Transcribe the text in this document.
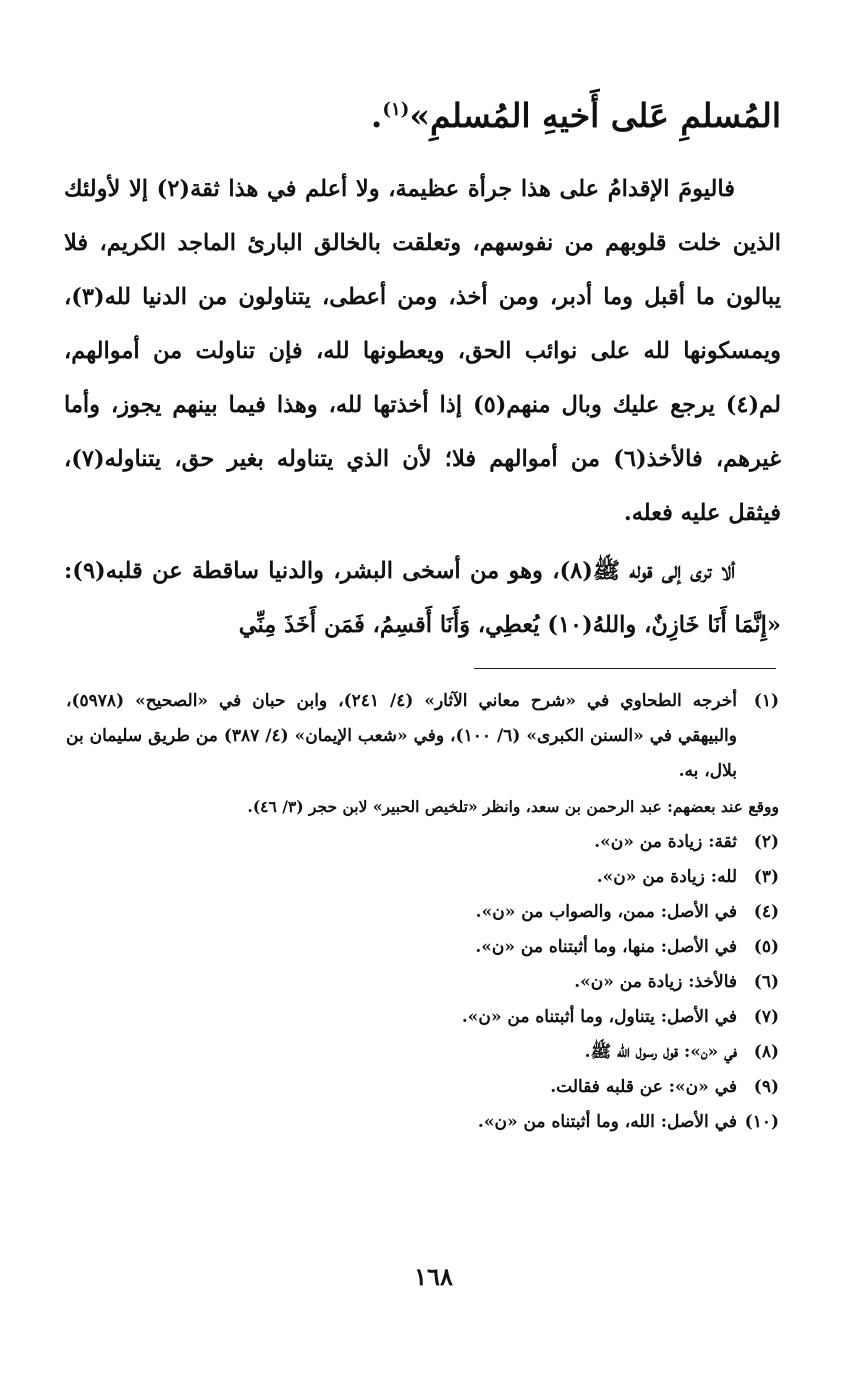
المُسلمِ عَلى أَخيهِ المُسلمِ»$^{(١)}$.

فاليومَ الإقدامُ على هذا جرأة عظيمة، ولا أعلم في هذا ثقة(٢) إلا لأولئك الذين خلت قلوبهم من نفوسهم، وتعلقت بالخالق البارئ الماجد الكريم، فلا يبالون ما أقبل وما أدبر، ومن أخذ، ومن أعطى، يتناولون من الدنيا لله(٣)، ويمسكونها لله على نوائب الحق، ويعطونها لله، فإن تناولت من أموالهم، لم(٤) يرجع عليك وبال منهم(٥) إذا أخذتها لله، وهذا فيما بينهم يجوز، وأما غيرهم، فالأخذ(٦) من أموالهم فلا؛ لأن الذي يتناوله بغير حق، يتناوله(٧)، فيثقل عليه فعله.

ألا ترى إلى قوله ﷺ(٨)، وهو من أسخى البشر، والدنيا ساقطة عن قلبه(٩): «إِنَّمَا أَنَا خَازِنٌ، واللهُ(١٠) يُعطِي، وَأَنَا أَقسِمُ، فَمَن أَخَذَ مِنِّي

(١)
أخرجه الطحاوي في «شرح معاني الآثار» (٤/ ٢٤١)، وابن حبان في «الصحيح» (٥٩٧٨)، والبيهقي في «السنن الكبرى» (٦/ ١٠٠)، وفي «شعب الإيمان» (٤/ ٣٨٧) من طريق سليمان بن بلال، به.
ووقع عند بعضهم: عبد الرحمن بن سعد، وانظر «تلخيص الحبير» لابن حجر (٣/ ٤٦).
(٢)
ثقة: زيادة من «ن».
(٣)
لله: زيادة من «ن».
(٤)
في الأصل: ممن، والصواب من «ن».
(٥)
في الأصل: منها، وما أثبتناه من «ن».
(٦)
فالأخذ: زيادة من «ن».
(٧)
في الأصل: يتناول، وما أثبتناه من «ن».
(٨)
في «ن»: قول رسول الله ﷺ.
(٩)
في «ن»: عن قلبه فقالت.
(١٠)
في الأصل: الله، وما أثبتناه من «ن».
١٦٨
